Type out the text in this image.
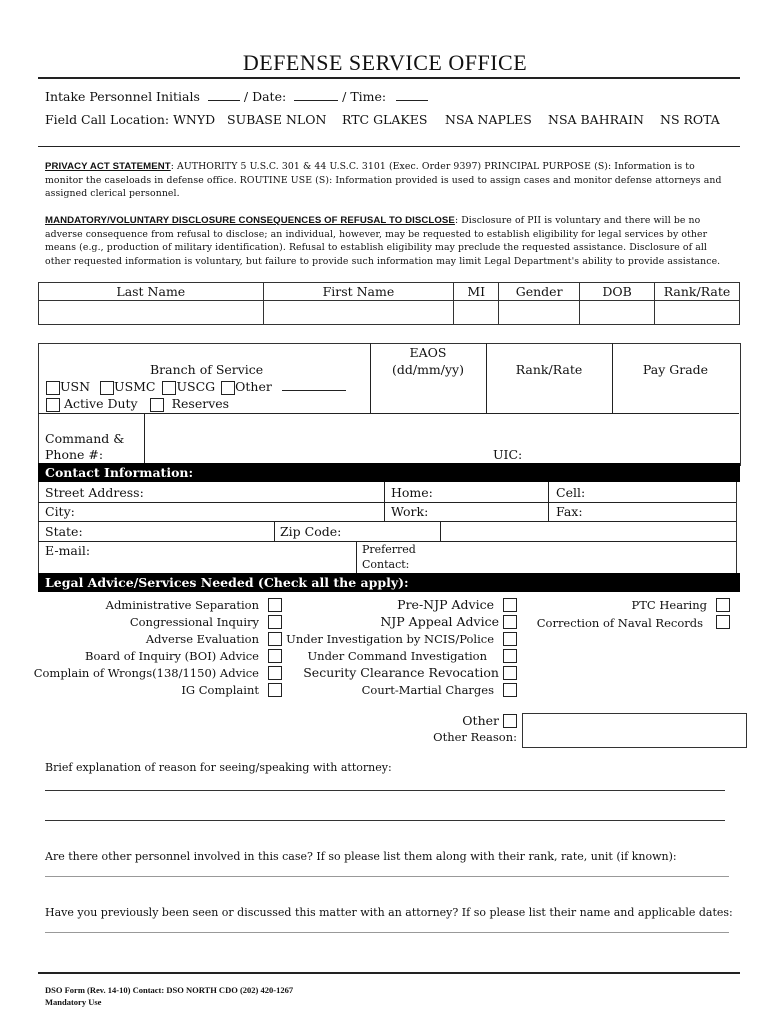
DEFENSE SERVICE OFFICE
Intake Personnel Initials	/ Date:	/ Time:
Field Call Location: WNYD SUBASE NLON RTC GLAKES NSA NAPLES NSA BAHRAIN NS ROTA
PRIVACY ACT STATEMENT: AUTHORITY 5 U.S.C. 301 & 44 U.S.C. 3101 (Exec. Order 9397) PRINCIPAL PURPOSE (S): Information is to monitor the caseloads in defense office. ROUTINE USE (S): Information provided is used to assign cases and monitor defense attorneys and assigned clerical personnel.
MANDATORY/VOLUNTARY DISCLOSURE CONSEQUENCES OF REFUSAL TO DISCLOSE: Disclosure of PII is voluntary and there will be no adverse consequence from refusal to disclose; an individual, however, may be requested to establish eligibility for legal services by other means (e.g., production of military identification). Refusal to establish eligibility may preclude the requested assistance. Disclosure of all other requested information is voluntary, but failure to provide such information may limit Legal Department's ability to provide assistance.
Last Name	First Name	MI	Gender	DOB	Rank/Rate

Branch of Service
USN USMC USCG Other
Active Duty	Reserves
EAOS
(dd/mm/yy)	Rank/Rate	Pay Grade
Command &
Phone #:	UIC:
Contact Information:
Street Address:	Home:	Cell:
City:	Work:	Fax:
State:	Zip Code:
E-mail:	Preferred
Contact:
Legal Advice/Services Needed (Check all the apply):
Administrative Separation
Congressional Inquiry
Adverse Evaluation
Board of Inquiry (BOI) Advice
Complain of Wrongs(138/1150) Advice
IG Complaint
Pre-NJP Advice
NJP Appeal Advice
Under Investigation by NCIS/Police
Under Command Investigation
Security Clearance Revocation
Court-Martial Charges
PTC Hearing
Correction of Naval Records
Other
Other Reason:
Brief explanation of reason for seeing/speaking with attorney:
Are there other personnel involved in this case? If so please list them along with their rank, rate, unit (if known):
Have you previously been seen or discussed this matter with an attorney? If so please list their name and applicable dates:
DSO Form (Rev. 14-10) Contact: DSO NORTH CDO (202) 420-1267
Mandatory Use
